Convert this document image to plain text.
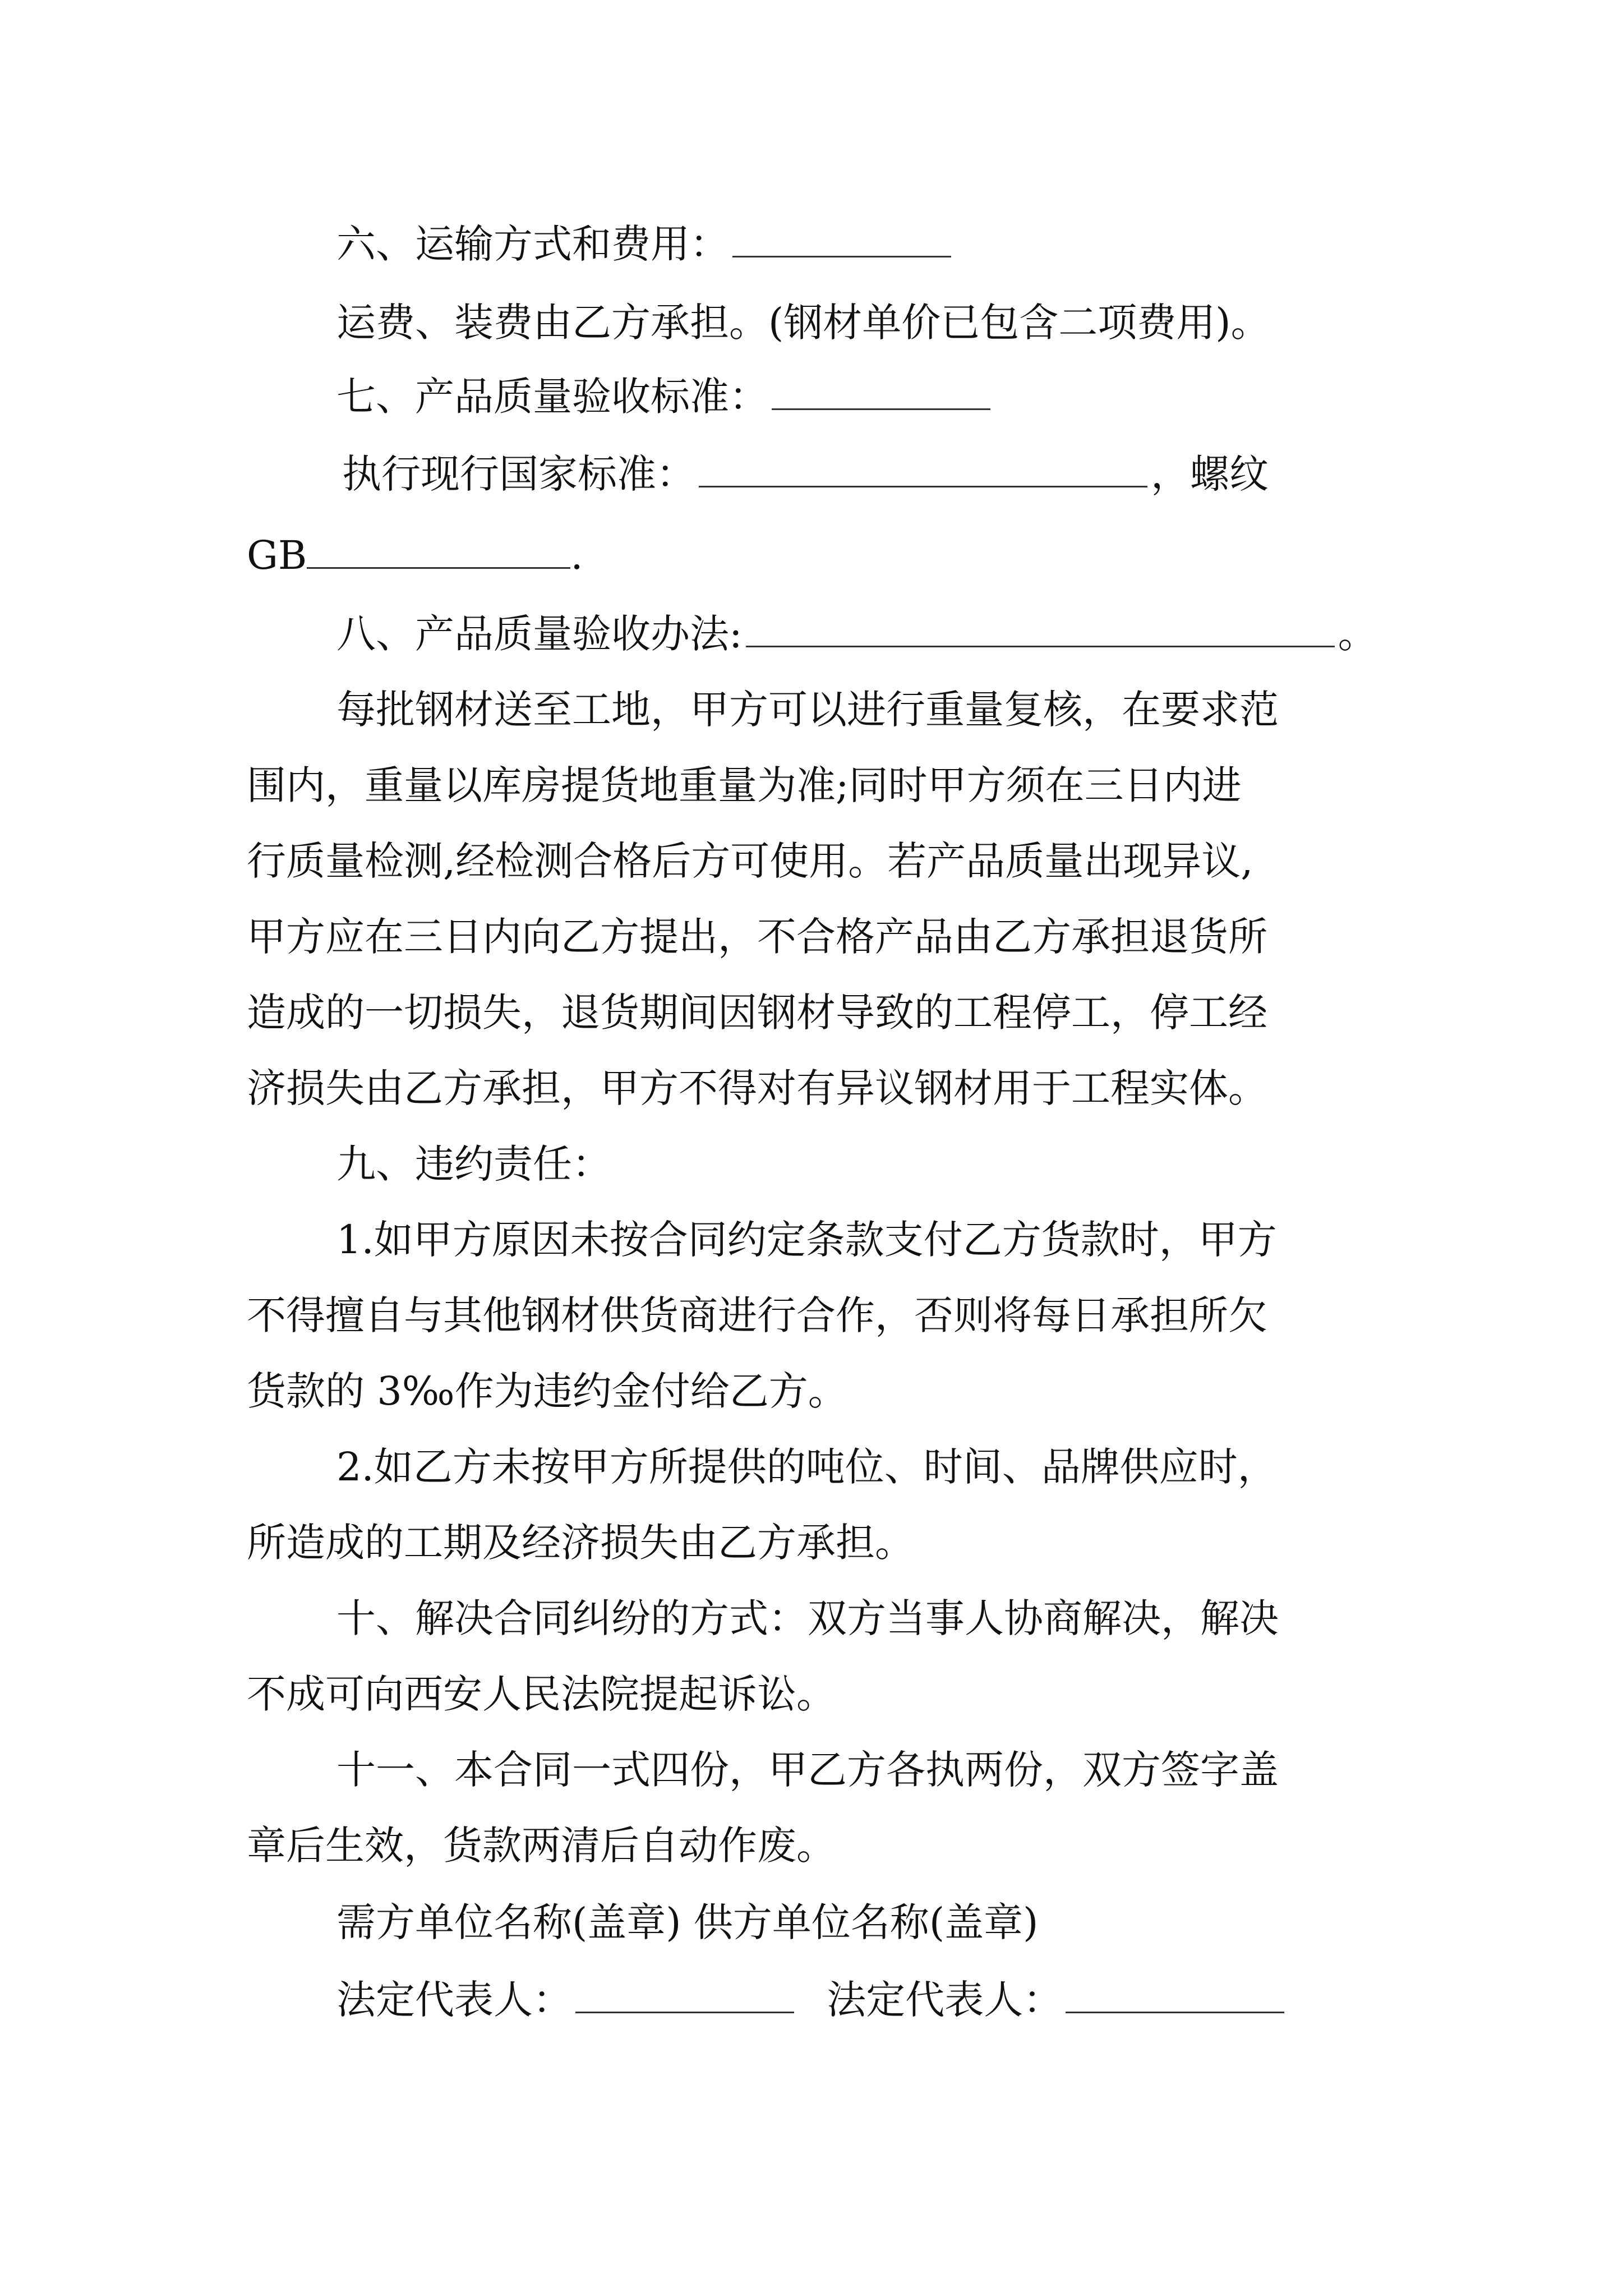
六、运输方式和费用：
运费、装费由乙方承担。(钢材单价已包含二项费用)。
七、产品质量验收标准：
执行现行国家标准：	，螺纹
GB	.
八、产品质量验收办法:	。
每批钢材送至工地，甲方可以进行重量复核，在要求范
围内，重量以库房提货地重量为准;同时甲方须在三日内进
行质量检测,经检测合格后方可使用。若产品质量出现异议,
甲方应在三日内向乙方提出，不合格产品由乙方承担退货所
造成的一切损失，退货期间因钢材导致的工程停工，停工经
济损失由乙方承担，甲方不得对有异议钢材用于工程实体。
九、违约责任：
1.如甲方原因未按合同约定条款支付乙方货款时，甲方
不得擅自与其他钢材供货商进行合作，否则将每日承担所欠
货款的 3‰作为违约金付给乙方。
2.如乙方未按甲方所提供的吨位、时间、品牌供应时，
所造成的工期及经济损失由乙方承担。
十、解决合同纠纷的方式：双方当事人协商解决，解决
不成可向西安人民法院提起诉讼。
十一、本合同一式四份，甲乙方各执两份，双方签字盖
章后生效，货款两清后自动作废。
需方单位名称(盖章) 供方单位名称(盖章)
法定代表人：	法定代表人：
